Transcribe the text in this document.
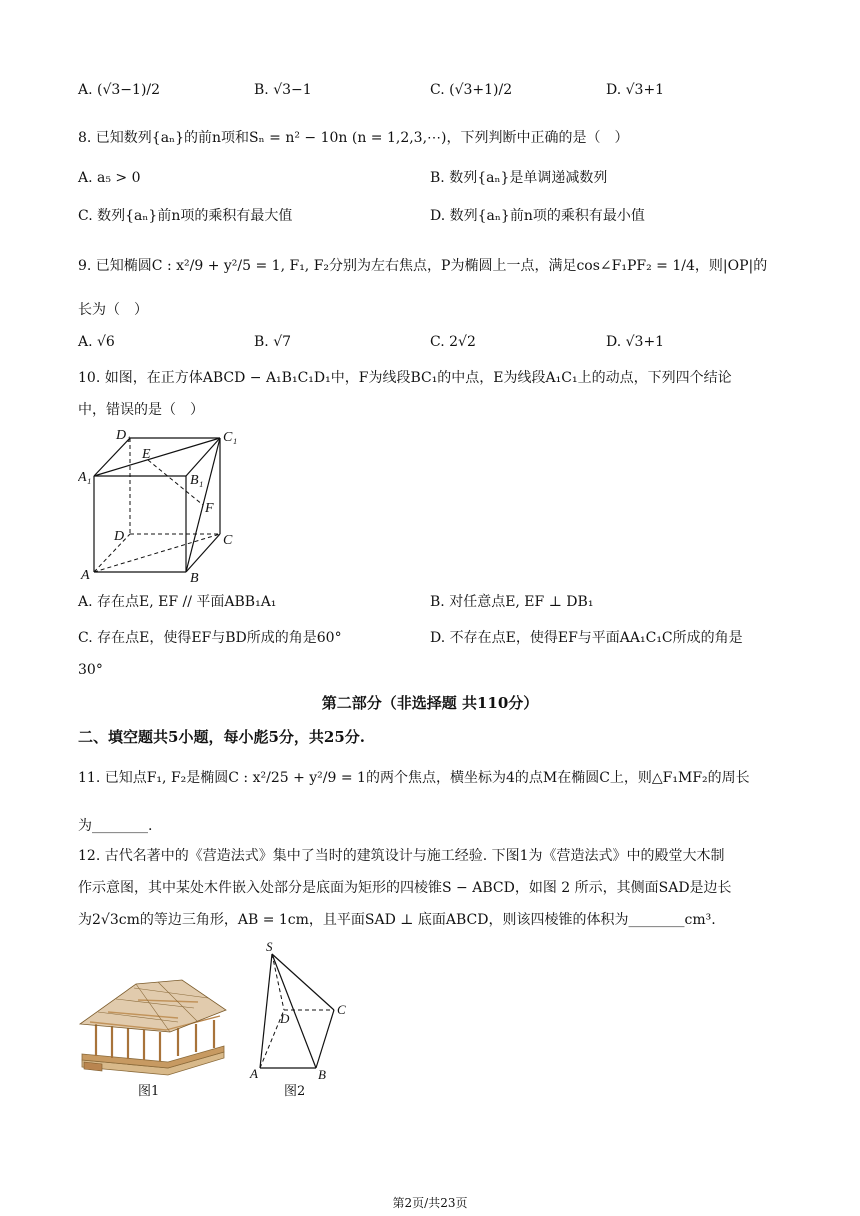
A. (√3−1)/2	B. √3−1	C. (√3+1)/2	D. √3+1
8. 已知数列{aₙ}的前n项和Sₙ = n² − 10n (n = 1,2,3,⋯)，下列判断中正确的是（　）
A. a₅ > 0	B. 数列{aₙ}是单调递减数列
C. 数列{aₙ}前n项的乘积有最大值	D. 数列{aₙ}前n项的乘积有最小值
9. 已知椭圆C : x²/9 + y²/5 = 1, F₁, F₂分别为左右焦点，P为椭圆上一点，满足cos∠F₁PF₂ = 1/4，则|OP|的
长为（　）
A. √6	B. √7	C. 2√2	D. √3+1
10. 如图，在正方体ABCD − A₁B₁C₁D₁中，F为线段BC₁的中点，E为线段A₁C₁上的动点，下列四个结论
中，错误的是（　）
D₁	C₁
A₁	B₁
E
F
D	C
A	B
A. 存在点E, EF // 平面ABB₁A₁	B. 对任意点E, EF ⊥ DB₁
C. 存在点E，使得EF与BD所成的角是60°	D. 不存在点E，使得EF与平面AA₁C₁C所成的角是
30°
第二部分（非选择题 共110分）
二、填空题共5小题，每小彪5分，共25分.
11. 已知点F₁, F₂是椭圆C : x²/25 + y²/9 = 1的两个焦点，横坐标为4的点M在椭圆C上，则△F₁MF₂的周长
为________.
12. 古代名著中的《营造法式》集中了当时的建筑设计与施工经验. 下图1为《营造法式》中的殿堂大木制
作示意图，其中某处木件嵌入处部分是底面为矩形的四棱锥S − ABCD，如图 2 所示，其侧面SAD是边长
为2√3cm的等边三角形，AB = 1cm，且平面SAD ⊥ 底面ABCD，则该四棱锥的体积为________cm³.
图1
S
D
C
A	B
图2
第2页/共23页
